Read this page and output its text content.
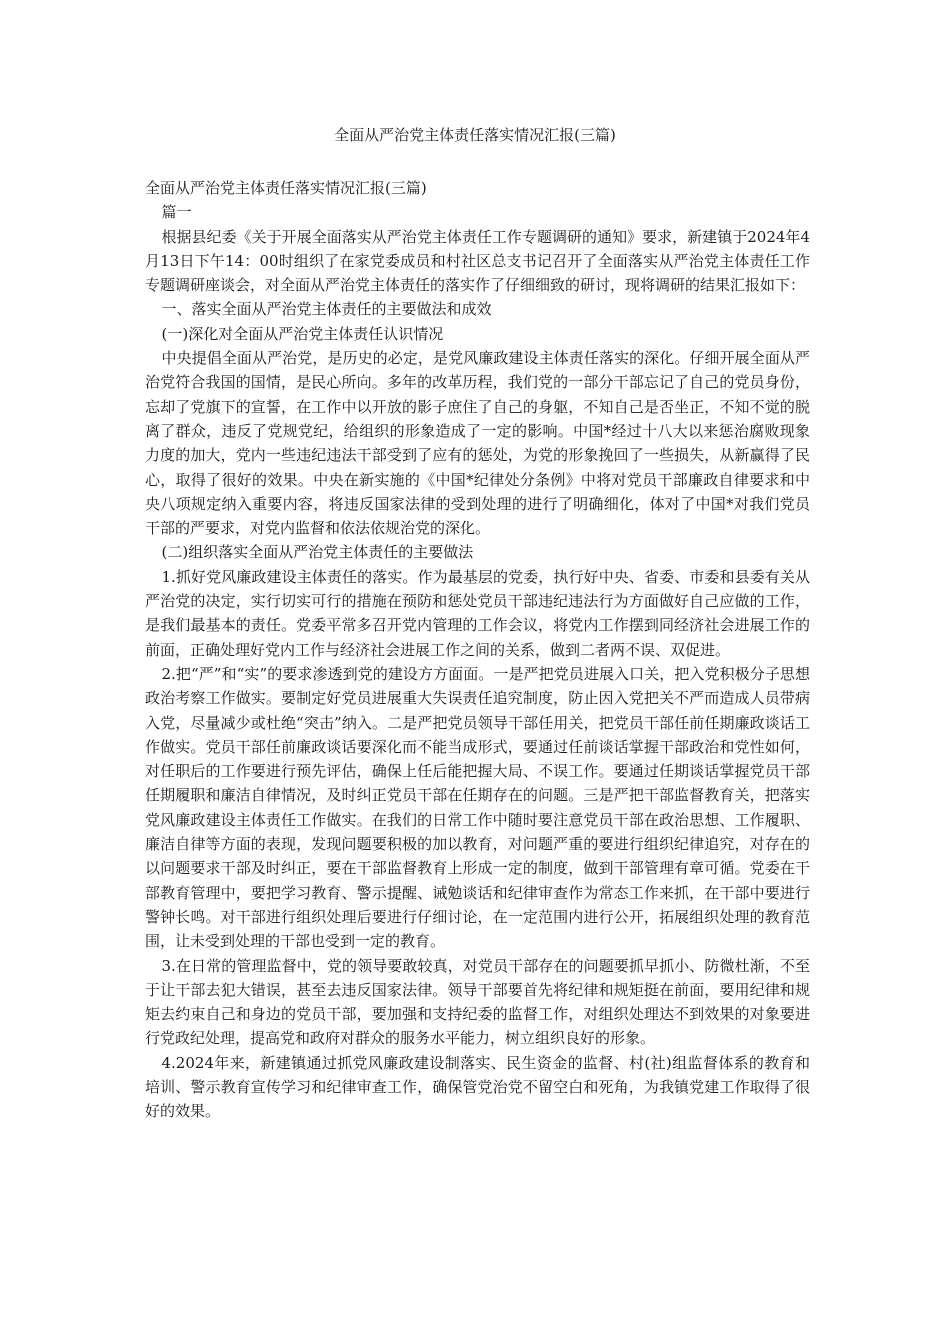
全面从严治党主体责任落实情况汇报(三篇)

全面从严治党主体责任落实情况汇报(三篇)

篇一

根据县纪委《关于开展全面落实从严治党主体责任工作专题调研的通知》要求，新建镇于2024年4月13日下午14：00时组织了在家党委成员和村社区总支书记召开了全面落实从严治党主体责任工作专题调研座谈会，对全面从严治党主体责任的落实作了仔细细致的研讨，现将调研的结果汇报如下：

一、落实全面从严治党主体责任的主要做法和成效

(一)深化对全面从严治党主体责任认识情况

中央提倡全面从严治党，是历史的必定，是党风廉政建设主体责任落实的深化。仔细开展全面从严治党符合我国的国情，是民心所向。多年的改革历程，我们党的一部分干部忘记了自己的党员身份，忘却了党旗下的宣誓，在工作中以开放的影子庶住了自己的身躯，不知自己是否坐正，不知不觉的脱离了群众，违反了党规党纪，给组织的形象造成了一定的影响。中国*经过十八大以来惩治腐败现象力度的加大，党内一些违纪违法干部受到了应有的惩处，为党的形象挽回了一些损失，从新赢得了民心，取得了很好的效果。中央在新实施的《中国*纪律处分条例》中将对党员干部廉政自律要求和中央八项规定纳入重要内容，将违反国家法律的受到处理的进行了明确细化，体对了中国*对我们党员干部的严要求，对党内监督和依法依规治党的深化。

(二)组织落实全面从严治党主体责任的主要做法

1.抓好党风廉政建设主体责任的落实。作为最基层的党委，执行好中央、省委、市委和县委有关从严治党的决定，实行切实可行的措施在预防和惩处党员干部违纪违法行为方面做好自己应做的工作，是我们最基本的责任。党委平常多召开党内管理的工作会议，将党内工作摆到同经济社会进展工作的前面，正确处理好党内工作与经济社会进展工作之间的关系，做到二者两不误、双促进。

2.把“严”和“实”的要求渗透到党的建设方方面面。一是严把党员进展入口关，把入党积极分子思想政治考察工作做实。要制定好党员进展重大失误责任追究制度，防止因入党把关不严而造成人员带病入党，尽量减少或杜绝“突击”纳入。二是严把党员领导干部任用关，把党员干部任前任期廉政谈话工作做实。党员干部任前廉政谈话要深化而不能当成形式，要通过任前谈话掌握干部政治和党性如何，对任职后的工作要进行预先评估，确保上任后能把握大局、不误工作。要通过任期谈话掌握党员干部任期履职和廉洁自律情况，及时纠正党员干部在任期存在的问题。三是严把干部监督教育关，把落实党风廉政建设主体责任工作做实。在我们的日常工作中随时要注意党员干部在政治思想、工作履职、廉洁自律等方面的表现，发现问题要积极的加以教育，对问题严重的要进行组织纪律追究，对存在的以问题要求干部及时纠正，要在干部监督教育上形成一定的制度，做到干部管理有章可循。党委在干部教育管理中，要把学习教育、警示提醒、诫勉谈话和纪律审查作为常态工作来抓，在干部中要进行警钟长鸣。对干部进行组织处理后要进行仔细讨论，在一定范围内进行公开，拓展组织处理的教育范围，让未受到处理的干部也受到一定的教育。

3.在日常的管理监督中，党的领导要敢较真，对党员干部存在的问题要抓早抓小、防微杜渐，不至于让干部去犯大错误，甚至去违反国家法律。领导干部要首先将纪律和规矩挺在前面，要用纪律和规矩去约束自己和身边的党员干部，要加强和支持纪委的监督工作，对组织处理达不到效果的对象要进行党政纪处理，提高党和政府对群众的服务水平能力，树立组织良好的形象。

4.2024年来，新建镇通过抓党风廉政建设制落实、民生资金的监督、村(社)组监督体系的教育和培训、警示教育宣传学习和纪律审查工作，确保管党治党不留空白和死角，为我镇党建工作取得了很好的效果。
